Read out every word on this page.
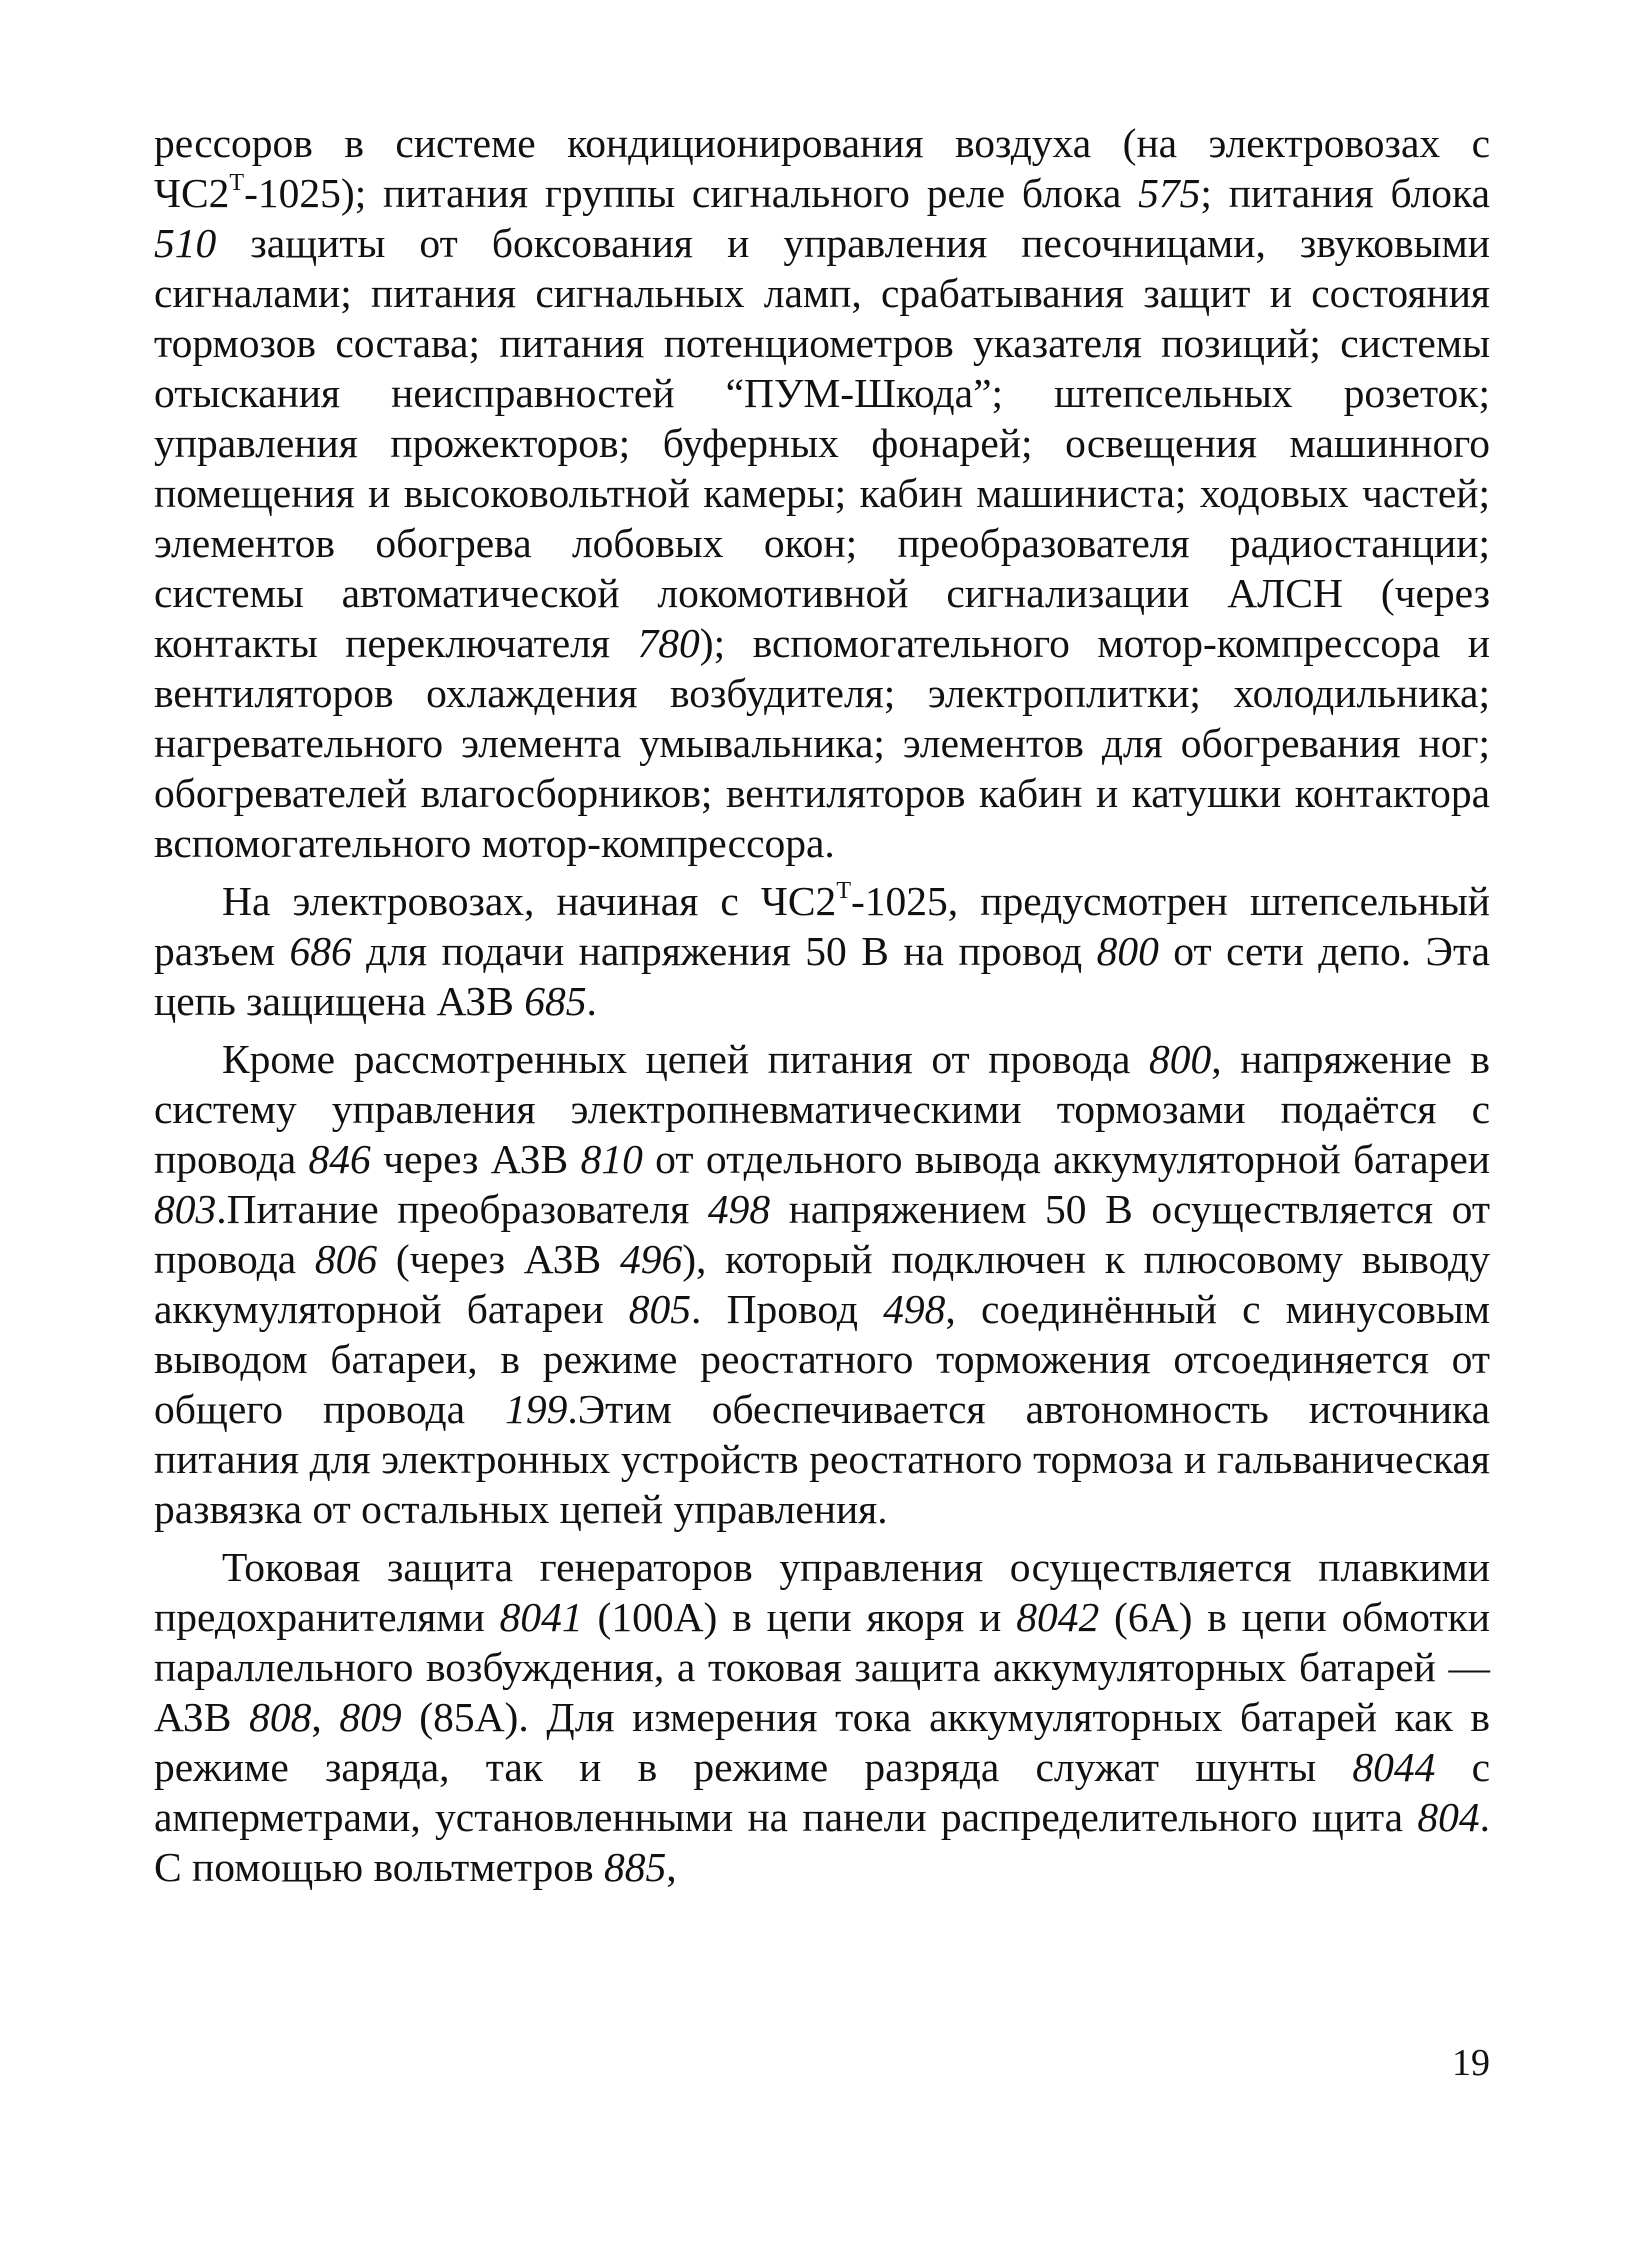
рессоров в системе кондиционирования воздуха (на электровозах с $ЧС2^Т-1025$); питания группы сигнального реле блока 575; питания блока 510 защиты от боксования и управления песочницами, звуковыми сигналами; питания сигнальных ламп, срабатывания защит и состояния тормозов состава; питания потенциометров указателя позиций; системы отыскания неисправностей “ПУМ-Шкода”; штепсельных розеток; управления прожекторов; буферных фонарей; освещения машинного помещения и высоковольтной камеры; кабин машиниста; ходовых частей; элементов обогрева лобовых окон; преобразователя радиостанции; системы автоматической локомотивной сигнализации АЛСН (через контакты переключателя 780); вспомогательного мотор-компрессора и вентиляторов охлаждения возбудителя; электроплитки; холодильника; нагревательного элемента умывальника; элементов для обогревания ног; обогревателей влагосборников; вентиляторов кабин и катушки контактора вспомогательного мотор-компрессора.

На электровозах, начиная с $ЧС2^Т-1025$, предусмотрен штепсельный разъем 686 для подачи напряжения 50 В на провод 800 от сети депо. Эта цепь защищена АЗВ 685.

Кроме рассмотренных цепей питания от провода 800, напряжение в систему управления электропневматическими тормозами подаётся с провода 846 через АЗВ 810 от отдельного вывода аккумуляторной батареи 803.Питание преобразователя 498 напряжением 50 В осуществляется от провода 806 (через АЗВ 496), который подключен к плюсовому выводу аккумуляторной батареи 805. Провод 498, соединённый с минусовым выводом батареи, в режиме реостатного торможения отсоединяется от общего провода 199.Этим обеспечивается автономность источника питания для электронных устройств реостатного тормоза и гальваническая развязка от остальных цепей управления.

Токовая защита генераторов управления осуществляется плавкими предохранителями 8041 (100А) в цепи якоря и 8042 (6А) в цепи обмотки параллельного возбуждения, а токовая защита аккумуляторных батарей — АЗВ 808, 809 (85А). Для измерения тока аккумуляторных батарей как в режиме заряда, так и в режиме разряда служат шунты 8044 с амперметрами, установленными на панели распределительного щита 804. С помощью вольтметров 885,

19
